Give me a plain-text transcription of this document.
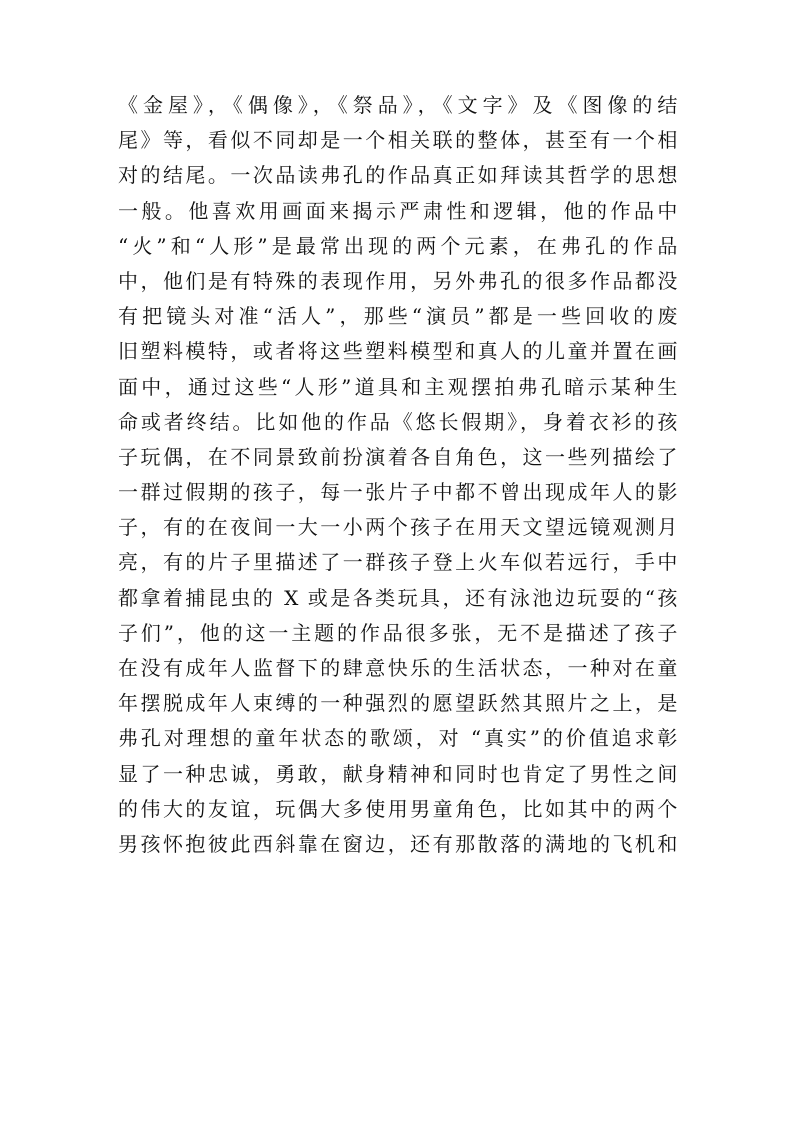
《金屋》，《偶像》，《祭品》，《文字》及《图像的结
尾》等，看似不同却是一个相关联的整体，甚至有一个相
对的结尾。一次品读弗孔的作品真正如拜读其哲学的思想
一般。他喜欢用画面来揭示严肃性和逻辑，他的作品中
“火”和“人形”是最常出现的两个元素，在弗孔的作品
中，他们是有特殊的表现作用，另外弗孔的很多作品都没
有把镜头对准“活人”，那些“演员”都是一些回收的废
旧塑料模特，或者将这些塑料模型和真人的儿童并置在画
面中，通过这些“人形”道具和主观摆拍弗孔暗示某种生
命或者终结。比如他的作品《悠长假期》，身着衣衫的孩
子玩偶，在不同景致前扮演着各自角色，这一些列描绘了
一群过假期的孩子，每一张片子中都不曾出现成年人的影
子，有的在夜间一大一小两个孩子在用天文望远镜观测月
亮，有的片子里描述了一群孩子登上火车似若远行，手中
都拿着捕昆虫的 X 或是各类玩具，还有泳池边玩耍的“孩
子们”，他的这一主题的作品很多张，无不是描述了孩子
在没有成年人监督下的肆意快乐的生活状态，一种对在童
年摆脱成年人束缚的一种强烈的愿望跃然其照片之上，是
弗孔对理想的童年状态的歌颂，对 “真实”的价值追求彰
显了一种忠诚，勇敢，献身精神和同时也肯定了男性之间
的伟大的友谊，玩偶大多使用男童角色，比如其中的两个
男孩怀抱彼此西斜靠在窗边，还有那散落的满地的飞机和
